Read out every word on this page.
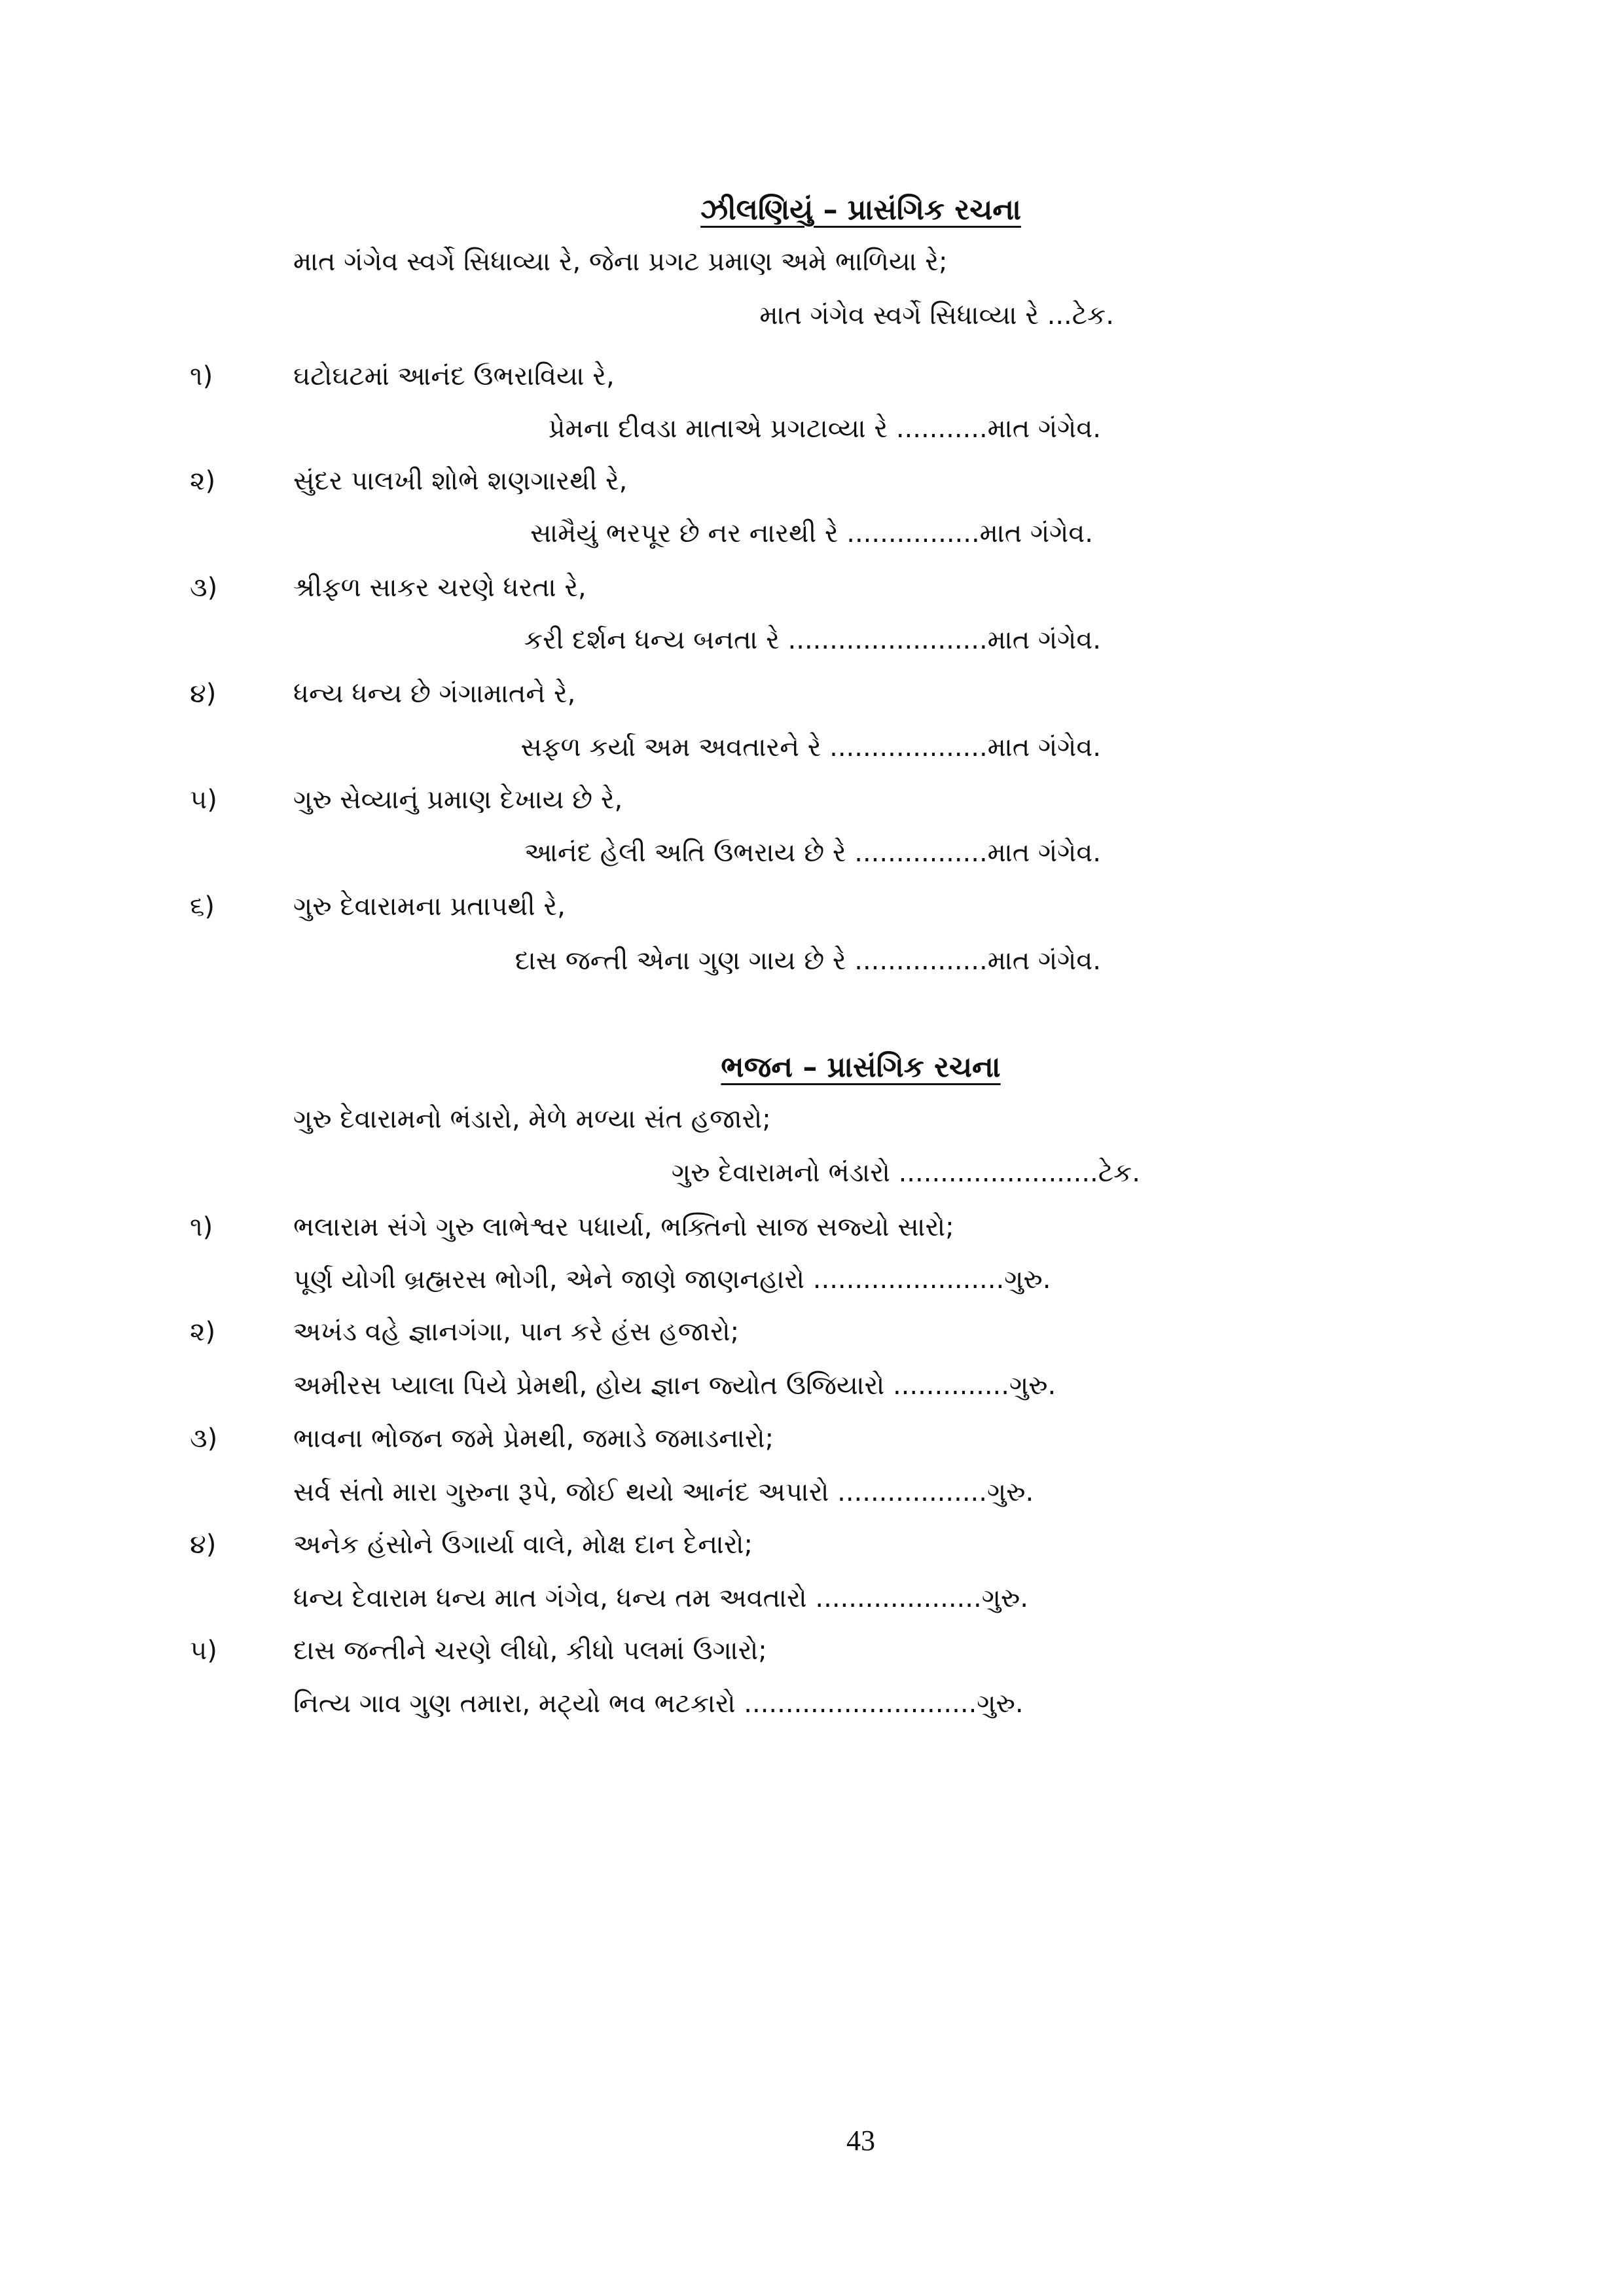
ઝીલણિયું – પ્રાસંગિક રચના
માત ગંગેવ સ્વર્ગે સિધાવ્યા રે, જેના પ્રગટ પ્રમાણ અમે ભાળિયા રે;
માત ગંગેવ સ્વર્ગે સિધાવ્યા રે ...ટેક.
૧)	ઘટોઘટમાં આનંદ ઉભરાવિયા રે,
પ્રેમના દીવડા માતાએ પ્રગટાવ્યા રે ...........માત ગંગેવ.
૨)	સુંદર પાલખી શોભે શણગારથી રે,
સામૈયું ભરપૂર છે નર નારથી રે ................માત ગંગેવ.
૩)	શ્રીફળ સાકર ચરણે ધરતા રે,
કરી દર્શન ધન્ય બનતા રે ........................માત ગંગેવ.
૪)	ધન્ય ધન્ય છે ગંગામાતને રે,
સફળ કર્યા અમ અવતારને રે ...................માત ગંગેવ.
૫)	ગુરુ સેવ્યાનું પ્રમાણ દેખાય છે રે,
આનંદ હેલી અતિ ઉભરાય છે રે ................માત ગંગેવ.
૬)	ગુરુ દેવારામના પ્રતાપથી રે,
દાસ જન્તી એના ગુણ ગાય છે રે ................માત ગંગેવ.
ભજન – પ્રાસંગિક રચના
ગુરુ દેવારામનો ભંડારો, મેળે મળ્યા સંત હજારો;
ગુરુ દેવારામનો ભંડારો ........................ટેક.
૧)	ભલારામ સંગે ગુરુ લાભેશ્વર પધાર્યા, ભક્તિનો સાજ સજ્યો સારો;
પૂર્ણ યોગી બ્રહ્મરસ ભોગી, એને જાણે જાણનહારો .......................ગુરુ.
૨)	અખંડ વહે જ્ઞાનગંગા, પાન કરે હંસ હજારો;
અમીરસ પ્યાલા પિયે પ્રેમથી, હોય જ્ઞાન જ્યોત ઉજિયારો ..............ગુરુ.
૩)	ભાવના ભોજન જમે પ્રેમથી, જમાડે જમાડનારો;
સર્વ સંતો મારા ગુરુના રૂપે, જોઈ થયો આનંદ અપારો ..................ગુરુ.
૪)	અનેક હંસોને ઉગાર્યા વાલે, મોક્ષ દાન દેનારો;
ધન્ય દેવારામ ધન્ય માત ગંગેવ, ધન્ય તમ અવતારો ....................ગુરુ.
૫)	દાસ જન્તીને ચરણે લીધો, કીધો પલમાં ઉગારો;
નિત્ય ગાવ ગુણ તમારા, મટ્યો ભવ ભટકારો ............................ગુરુ.
43
